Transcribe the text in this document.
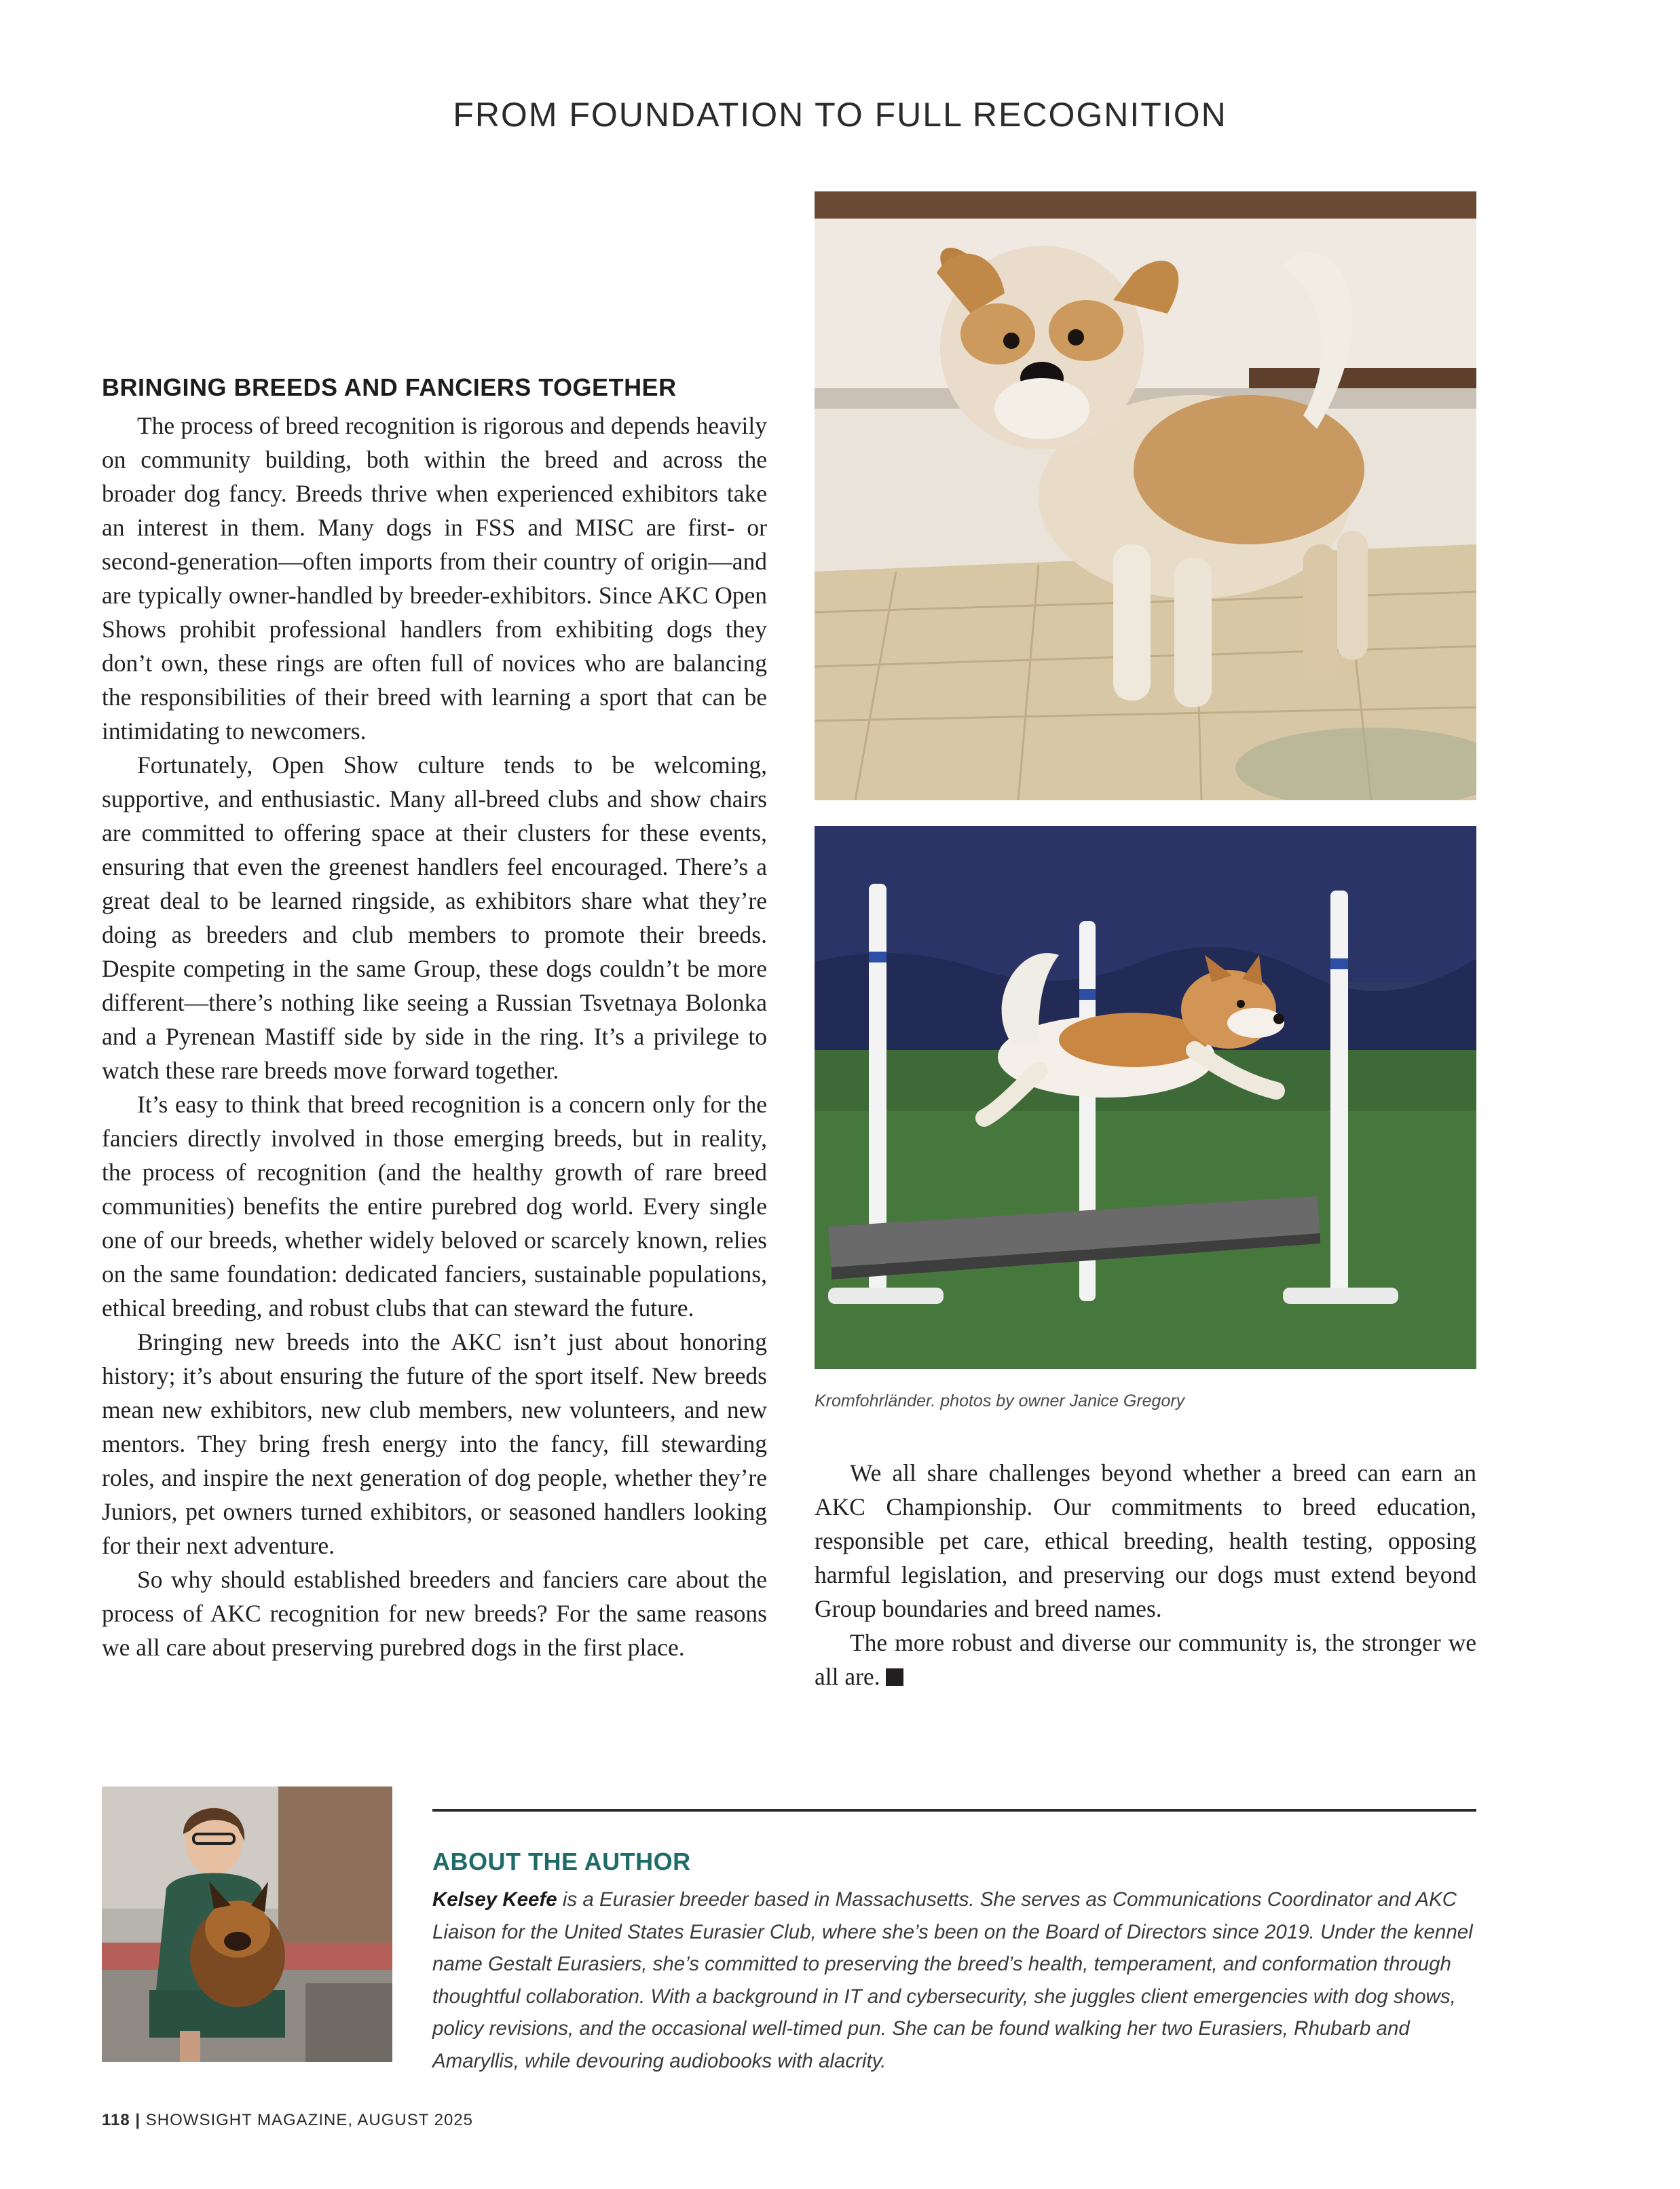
FROM FOUNDATION TO FULL RECOGNITION
BRINGING BREEDS AND FANCIERS TOGETHER

The process of breed recognition is rigorous and depends heavily on community building, both within the breed and across the broader dog fancy. Breeds thrive when experienced exhibitors take an interest in them. Many dogs in FSS and MISC are first- or second-generation—often imports from their country of origin—and are typically owner-handled by breeder-exhibitors. Since AKC Open Shows prohibit professional handlers from exhibiting dogs they don’t own, these rings are often full of novices who are balancing the responsibilities of their breed with learning a sport that can be intimidating to newcomers.

Fortunately, Open Show culture tends to be welcoming, supportive, and enthusiastic. Many all-breed clubs and show chairs are committed to offering space at their clusters for these events, ensuring that even the greenest handlers feel encouraged. There’s a great deal to be learned ringside, as exhibitors share what they’re doing as breeders and club members to promote their breeds. Despite competing in the same Group, these dogs couldn’t be more different—there’s nothing like seeing a Russian Tsvetnaya Bolonka and a Pyrenean Mastiff side by side in the ring. It’s a privilege to watch these rare breeds move forward together.

It’s easy to think that breed recognition is a concern only for the fanciers directly involved in those emerging breeds, but in reality, the process of recognition (and the healthy growth of rare breed communities) benefits the entire purebred dog world. Every single one of our breeds, whether widely beloved or scarcely known, relies on the same foundation: dedicated fanciers, sustainable populations, ethical breeding, and robust clubs that can steward the future.

Bringing new breeds into the AKC isn’t just about honoring history; it’s about ensuring the future of the sport itself. New breeds mean new exhibitors, new club members, new volunteers, and new mentors. They bring fresh energy into the fancy, fill stewarding roles, and inspire the next generation of dog people, whether they’re Juniors, pet owners turned exhibitors, or seasoned handlers looking for their next adventure.

So why should established breeders and fanciers care about the process of AKC recognition for new breeds? For the same reasons we all care about preserving purebred dogs in the first place.

Kromfohrländer. photos by owner Janice Gregory

We all share challenges beyond whether a breed can earn an AKC Championship. Our commitments to breed education, responsible pet care, ethical breeding, health testing, opposing harmful legislation, and preserving our dogs must extend beyond Group boundaries and breed names.

The more robust and diverse our community is, the stronger we all are.

ABOUT THE AUTHOR
Kelsey Keefe is a Eurasier breeder based in Massachusetts. She serves as Communications Coordinator and AKC Liaison for the United States Eurasier Club, where she’s been on the Board of Directors since 2019. Under the kennel name Gestalt Eurasiers, she’s committed to preserving the breed’s health, temperament, and conformation through thoughtful collaboration. With a background in IT and cybersecurity, she juggles client emergencies with dog shows, policy revisions, and the occasional well-timed pun. She can be found walking her two Eurasiers, Rhubarb and Amaryllis, while devouring audiobooks with alacrity.
118 | SHOWSIGHT MAGAZINE, AUGUST 2025
